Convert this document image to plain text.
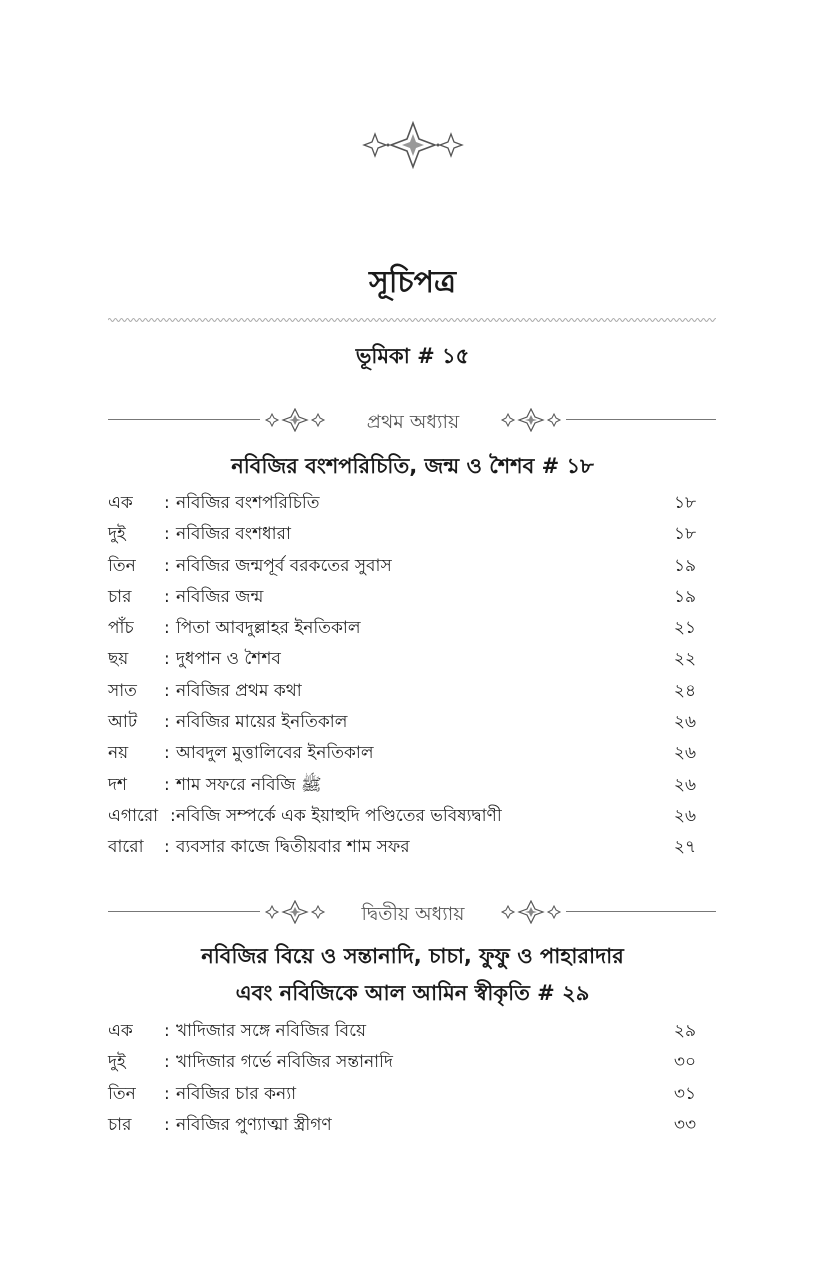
সূচিপত্র
ভূমিকা # ১৫
প্রথম অধ্যায়
নবিজির বংশপরিচিতি, জন্ম ও শৈশব # ১৮
এক : নবিজির বংশপরিচিতি	১৮
দুই : নবিজির বংশধারা	১৮
তিন : নবিজির জন্মপূর্ব বরকতের সুবাস	১৯
চার : নবিজির জন্ম	১৯
পাঁচ : পিতা আবদুল্লাহর ইনতিকাল	২১
ছয় : দুধপান ও শৈশব	২২
সাত : নবিজির প্রথম কথা	২৪
আট : নবিজির মায়ের ইনতিকাল	২৬
নয় : আবদুল মুত্তালিবের ইনতিকাল	২৬
দশ : শাম সফরে নবিজি ﷺ	২৬
এগারো : নবিজি সম্পর্কে এক ইয়াহুদি পণ্ডিতের ভবিষ্যদ্বাণী	২৬
বারো : ব্যবসার কাজে দ্বিতীয়বার শাম সফর	২৭
দ্বিতীয় অধ্যায়
নবিজির বিয়ে ও সন্তানাদি, চাচা, ফুফু ও পাহারাদার
এবং নবিজিকে আল আমিন স্বীকৃতি # ২৯
এক : খাদিজার সঙ্গে নবিজির বিয়ে	২৯
দুই : খাদিজার গর্ভে নবিজির সন্তানাদি	৩০
তিন : নবিজির চার কন্যা	৩১
চার : নবিজির পুণ্যাত্মা স্ত্রীগণ	৩৩
